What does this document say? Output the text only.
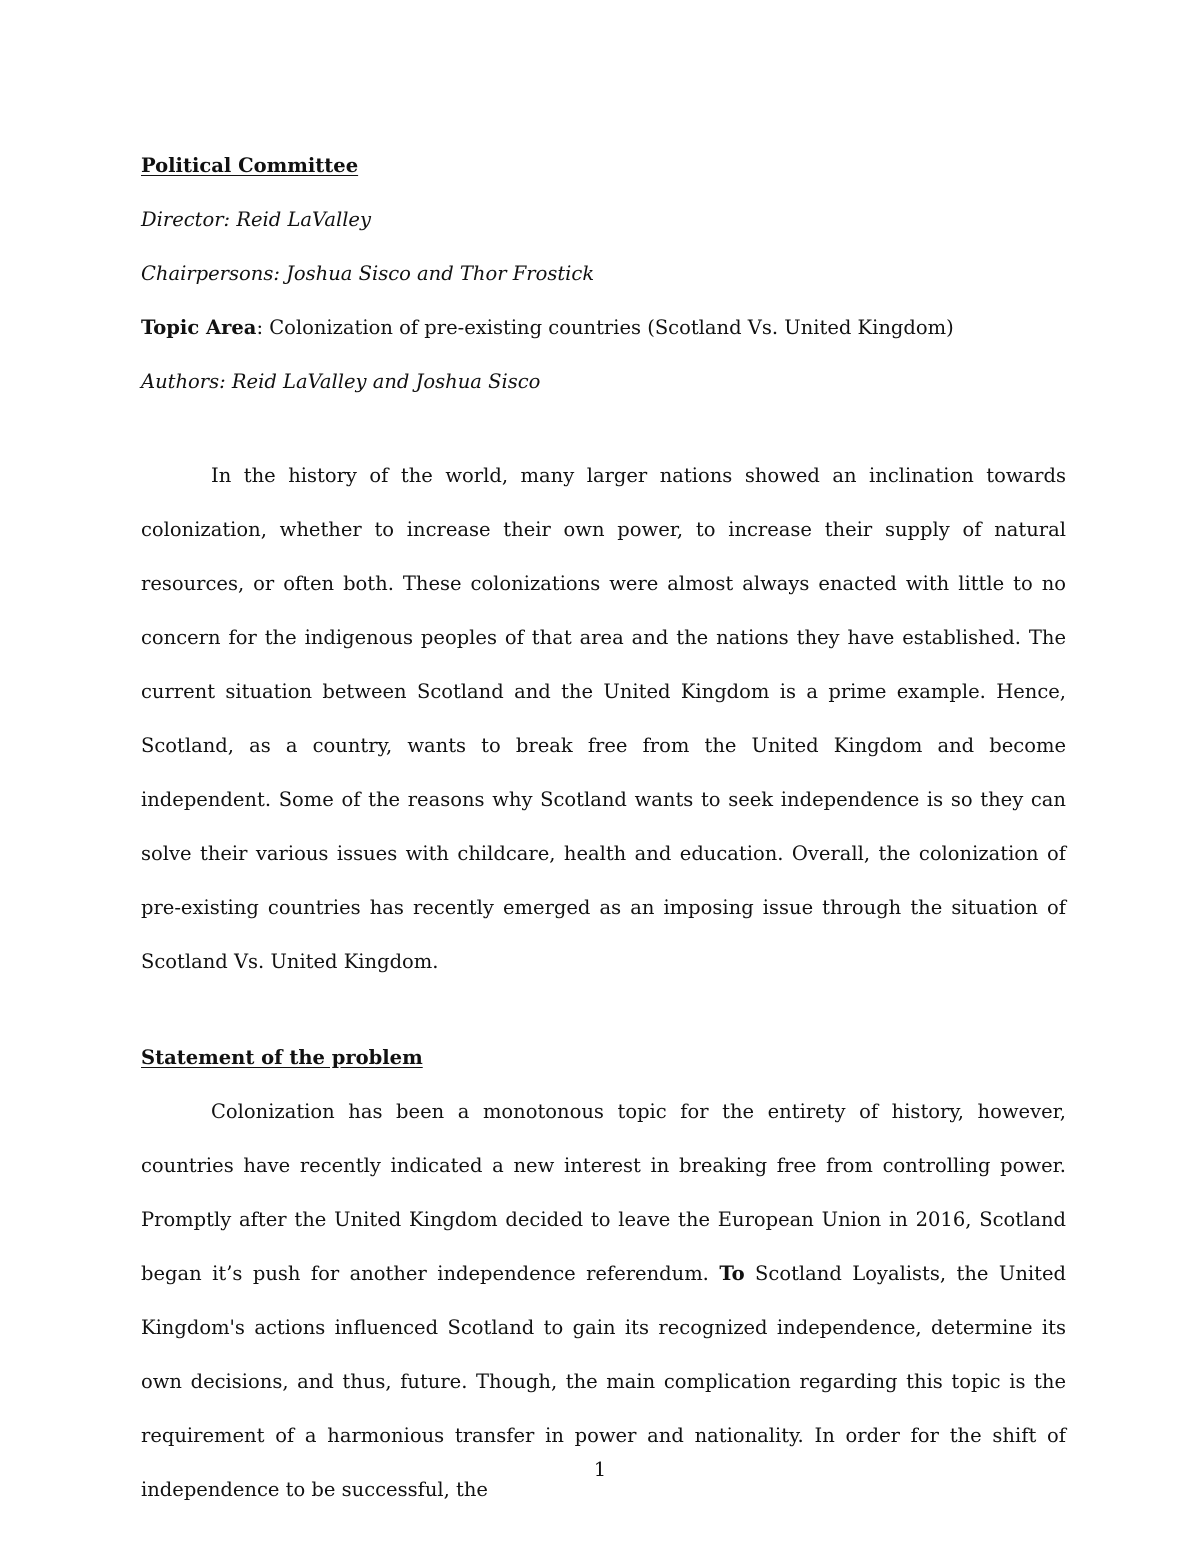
Political Committee

Director: Reid LaValley

Chairpersons: Joshua Sisco and Thor Frostick

Topic Area: Colonization of pre-existing countries (Scotland Vs. United Kingdom)

Authors: Reid LaValley and Joshua Sisco

In the history of the world, many larger nations showed an inclination towards colonization, whether to increase their own power, to increase their supply of natural resources, or often both. These colonizations were almost always enacted with little to no concern for the indigenous peoples of that area and the nations they have established. The current situation between Scotland and the United Kingdom is a prime example. Hence, Scotland, as a country, wants to break free from the United Kingdom and become independent. Some of the reasons why Scotland wants to seek independence is so they can solve their various issues with childcare, health and education. Overall, the colonization of pre-existing countries has recently emerged as an imposing issue through the situation of Scotland Vs. United Kingdom.

Statement of the problem

Colonization has been a monotonous topic for the entirety of history, however, countries have recently indicated a new interest in breaking free from controlling power. Promptly after the United Kingdom decided to leave the European Union in 2016, Scotland began it’s push for another independence referendum. To Scotland Loyalists, the United Kingdom's actions influenced Scotland to gain its recognized independence, determine its own decisions, and thus, future. Though, the main complication regarding this topic is the requirement of a harmonious transfer in power and nationality. In order for the shift of independence to be successful, the

1
